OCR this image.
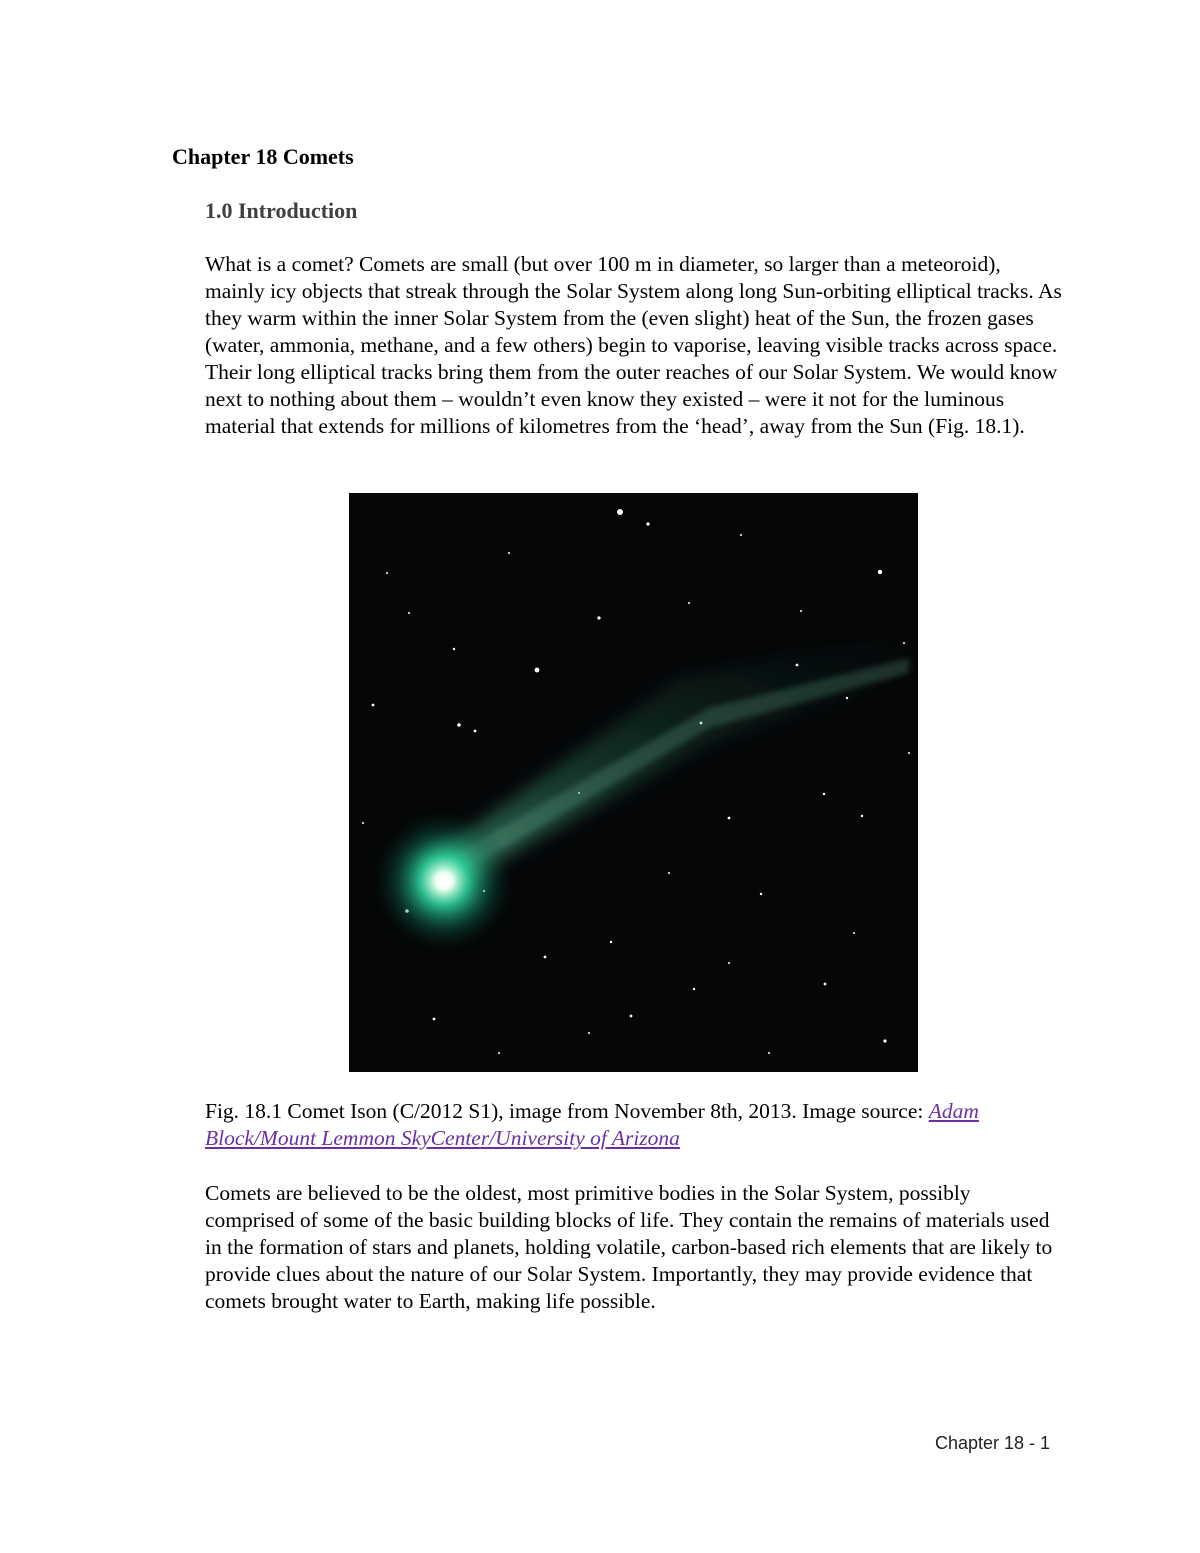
Chapter 18 Comets
1.0 Introduction

What is a comet? Comets are small (but over 100 m in diameter, so larger than a meteoroid), mainly icy objects that streak through the Solar System along long Sun-orbiting elliptical tracks. As they warm within the inner Solar System from the (even slight) heat of the Sun, the frozen gases (water, ammonia, methane, and a few others) begin to vaporise, leaving visible tracks across space. Their long elliptical tracks bring them from the outer reaches of our Solar System. We would know next to nothing about them – wouldn’t even know they existed – were it not for the luminous material that extends for millions of kilometres from the ‘head’, away from the Sun (Fig. 18.1).

Fig. 18.1 Comet Ison (C/2012 S1), image from November 8th, 2013. Image source: Adam Block/Mount Lemmon SkyCenter/University of Arizona

Comets are believed to be the oldest, most primitive bodies in the Solar System, possibly comprised of some of the basic building blocks of life. They contain the remains of materials used in the formation of stars and planets, holding volatile, carbon-based rich elements that are likely to provide clues about the nature of our Solar System. Importantly, they may provide evidence that comets brought water to Earth, making life possible.

Chapter 18 - 1
